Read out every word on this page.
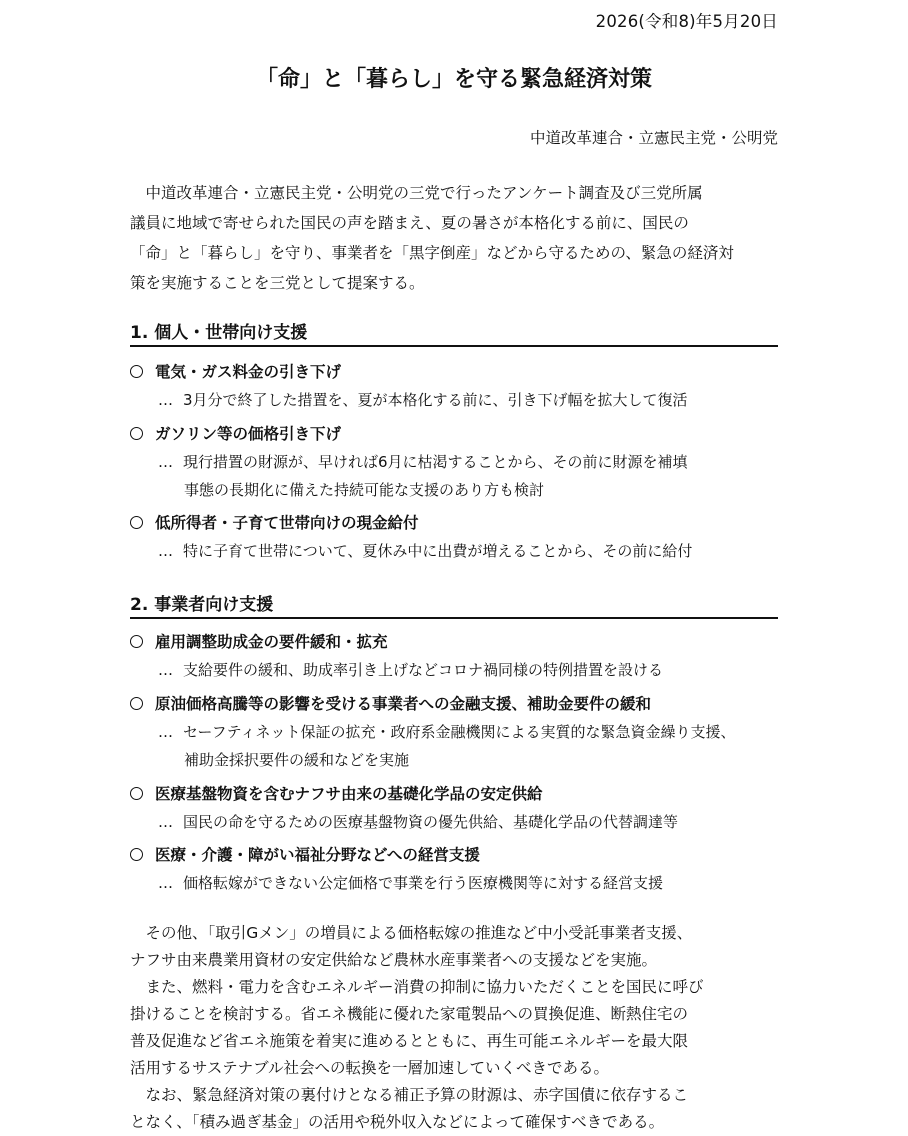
2026(令和8)年5月20日
「命」と「暮らし」を守る緊急経済対策
中道改革連合・立憲民主党・公明党
　中道改革連合・立憲民主党・公明党の三党で行ったアンケート調査及び三党所属
議員に地域で寄せられた国民の声を踏まえ、夏の暑さが本格化する前に、国民の
「命」と「暮らし」を守り、事業者を「黒字倒産」などから守るための、緊急の経済対
策を実施することを三党として提案する。
1. 個人・世帯向け支援
電気・ガス料金の引き下げ
… 3月分で終了した措置を、夏が本格化する前に、引き下げ幅を拡大して復活
ガソリン等の価格引き下げ
… 現行措置の財源が、早ければ6月に枯渇することから、その前に財源を補填
事態の長期化に備えた持続可能な支援のあり方も検討
低所得者・子育て世帯向けの現金給付
… 特に子育て世帯について、夏休み中に出費が増えることから、その前に給付
2. 事業者向け支援
雇用調整助成金の要件緩和・拡充
… 支給要件の緩和、助成率引き上げなどコロナ禍同様の特例措置を設ける
原油価格高騰等の影響を受ける事業者への金融支援、補助金要件の緩和
… セーフティネット保証の拡充・政府系金融機関による実質的な緊急資金繰り支援、
補助金採択要件の緩和などを実施
医療基盤物資を含むナフサ由来の基礎化学品の安定供給
… 国民の命を守るための医療基盤物資の優先供給、基礎化学品の代替調達等
医療・介護・障がい福祉分野などへの経営支援
… 価格転嫁ができない公定価格で事業を行う医療機関等に対する経営支援
　その他、「取引Gメン」の増員による価格転嫁の推進など中小受託事業者支援、
ナフサ由来農業用資材の安定供給など農林水産事業者への支援などを実施。
　また、燃料・電力を含むエネルギー消費の抑制に協力いただくことを国民に呼び
掛けることを検討する。省エネ機能に優れた家電製品への買換促進、断熱住宅の
普及促進など省エネ施策を着実に進めるとともに、再生可能エネルギーを最大限
活用するサステナブル社会への転換を一層加速していくべきである。
　なお、緊急経済対策の裏付けとなる補正予算の財源は、赤字国債に依存するこ
となく、「積み過ぎ基金」の活用や税外収入などによって確保すべきである。
